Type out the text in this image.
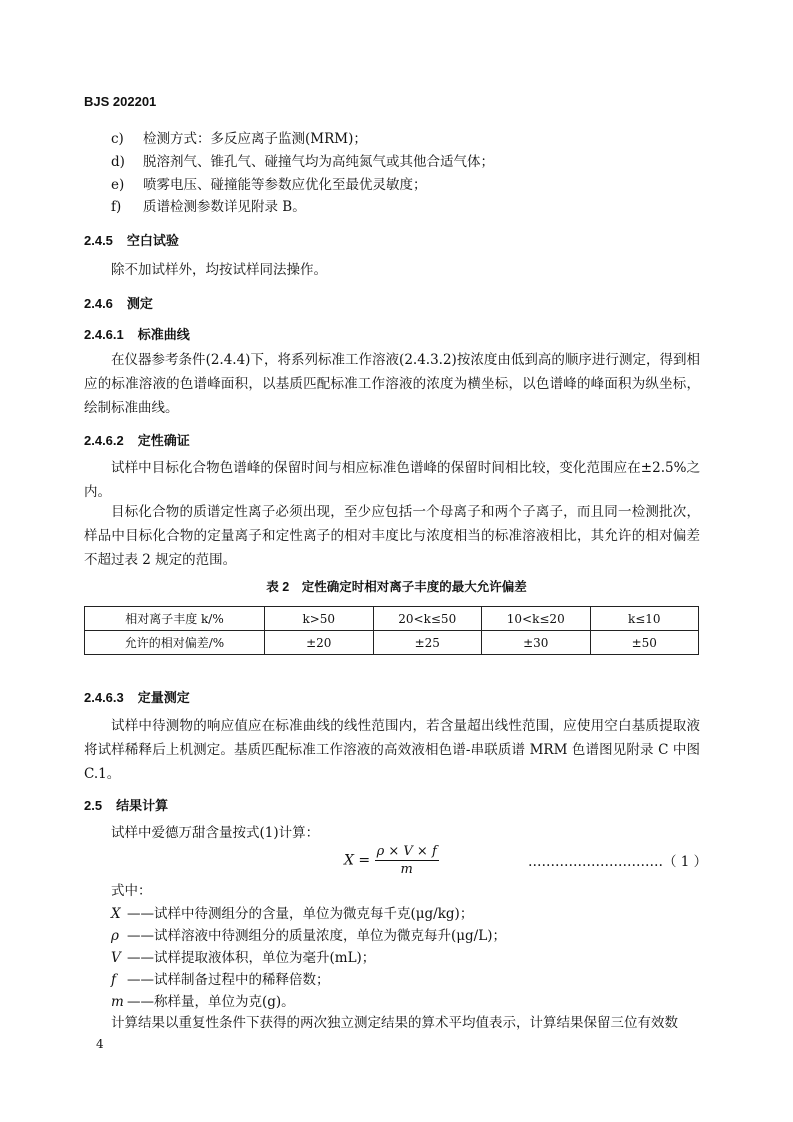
BJS 202201
c) 检测方式：多反应离子监测(MRM)；
d) 脱溶剂气、锥孔气、碰撞气均为高纯氮气或其他合适气体；
e) 喷雾电压、碰撞能等参数应优化至最优灵敏度；
f) 质谱检测参数详见附录 B。
2.4.5 空白试验
除不加试样外，均按试样同法操作。
2.4.6 测定
2.4.6.1 标准曲线
在仪器参考条件(2.4.4)下，将系列标准工作溶液(2.4.3.2)按浓度由低到高的顺序进行测定，得到相应的标准溶液的色谱峰面积，以基质匹配标准工作溶液的浓度为横坐标，以色谱峰的峰面积为纵坐标，绘制标准曲线。
2.4.6.2 定性确证
试样中目标化合物色谱峰的保留时间与相应标准色谱峰的保留时间相比较，变化范围应在±2.5%之内。
目标化合物的质谱定性离子必须出现，至少应包括一个母离子和两个子离子，而且同一检测批次，样品中目标化合物的定量离子和定性离子的相对丰度比与浓度相当的标准溶液相比，其允许的相对偏差不超过表 2 规定的范围。
表 2　定性确定时相对离子丰度的最大允许偏差
相对离子丰度 k/%	k>50	20<k≤50	10<k≤20	k≤10
允许的相对偏差/%	±20	±25	±30	±50
2.4.6.3 定量测定
试样中待测物的响应值应在标准曲线的线性范围内，若含量超出线性范围，应使用空白基质提取液将试样稀释后上机测定。基质匹配标准工作溶液的高效液相色谱-串联质谱 MRM 色谱图见附录 C 中图 C.1。
2.5 结果计算
试样中爱德万甜含量按式(1)计算：
$X = \frac{\rho \times V \times f}{m}$	…………………………（ 1 ）
式中：
X ——试样中待测组分的含量，单位为微克每千克(μg/kg)；
ρ ——试样溶液中待测组分的质量浓度，单位为微克每升(μg/L)；
V ——试样提取液体积，单位为毫升(mL)；
f ——试样制备过程中的稀释倍数；
m ——称样量，单位为克(g)。
计算结果以重复性条件下获得的两次独立测定结果的算术平均值表示，计算结果保留三位有效数
4
